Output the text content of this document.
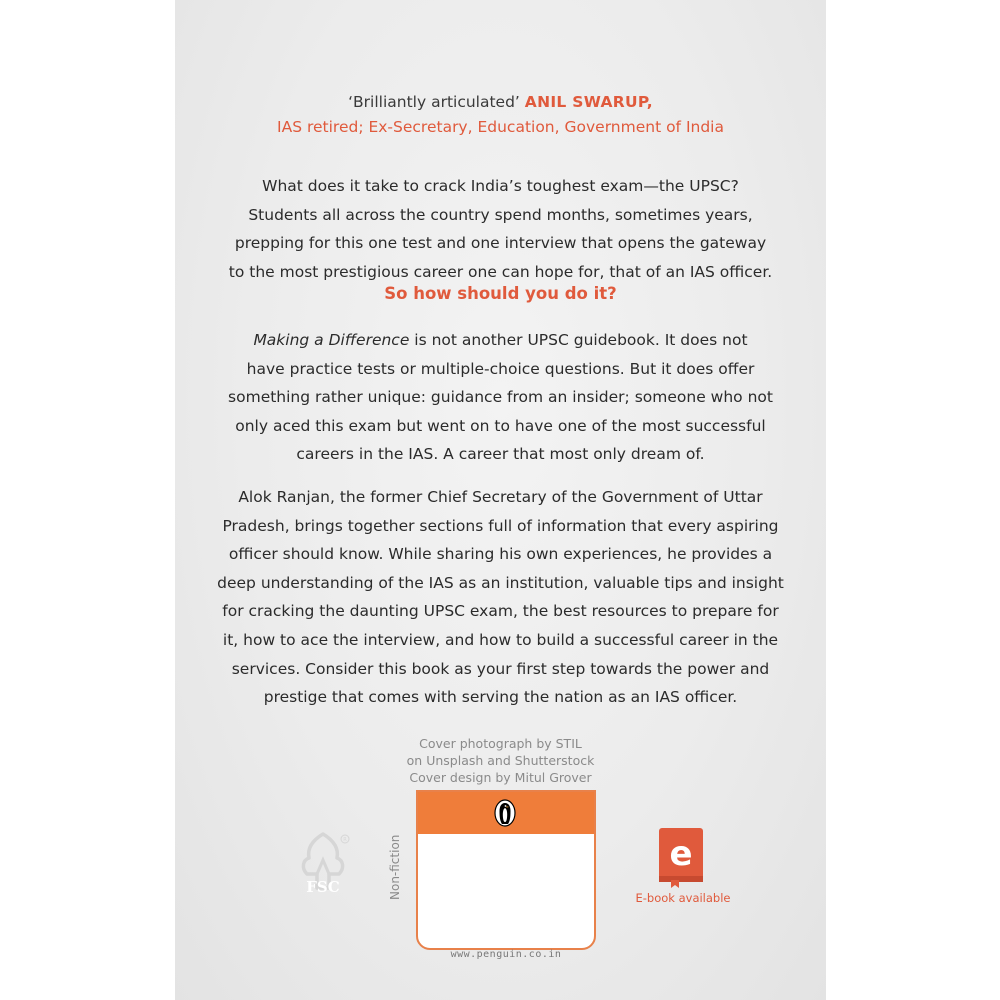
‘Brilliantly articulated’ ANIL SWARUP,
IAS retired; Ex-Secretary, Education, Government of India
What does it take to crack India’s toughest exam—the UPSC?
Students all across the country spend months, sometimes years,
prepping for this one test and one interview that opens the gateway
to the most prestigious career one can hope for, that of an IAS officer.
So how should you do it?
Making a Difference is not another UPSC guidebook. It does not
have practice tests or multiple-choice questions. But it does offer
something rather unique: guidance from an insider; someone who not
only aced this exam but went on to have one of the most successful
careers in the IAS. A career that most only dream of.
Alok Ranjan, the former Chief Secretary of the Government of Uttar
Pradesh, brings together sections full of information that every aspiring
officer should know. While sharing his own experiences, he provides a
deep understanding of the IAS as an institution, valuable tips and insight
for cracking the daunting UPSC exam, the best resources to prepare for
it, how to ace the interview, and how to build a successful career in the
services. Consider this book as your first step towards the power and
prestige that comes with serving the nation as an IAS officer.
Cover photograph by STIL
on Unsplash and Shutterstock
Cover design by Mitul Grover
Non-fiction
www.penguin.co.in
R
FSC
e
E-book available
